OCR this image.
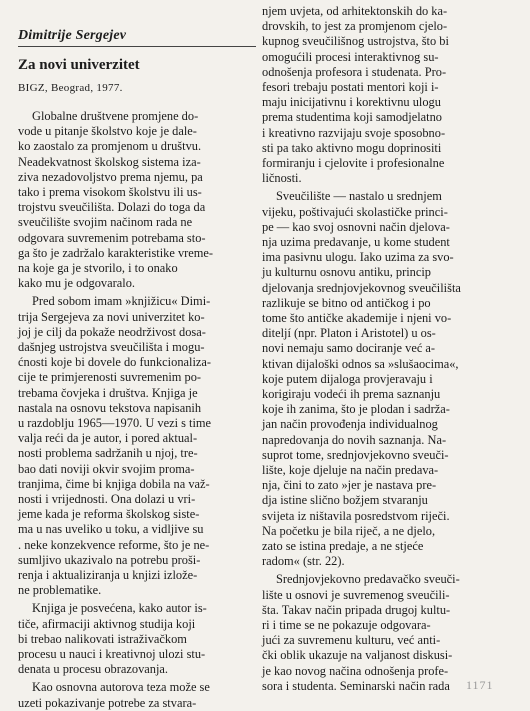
Dimitrije Sergejev
Za novi univerzitet
BIGZ, Beograd, 1977.
Globalne društvene promjene do-
vode u pitanje školstvo koje je dale-
ko zaostalo za promjenom u društvu.
Neadekvatnost školskog sistema iza-
ziva nezadovoljstvo prema njemu, pa
tako i prema visokom školstvu ili us-
trojstvu sveučilišta. Dolazi do toga da
sveučilište svojim načinom rada ne
odgovara suvremenim potrebama sto-
ga što je zadržalo karakteristike vreme-
na koje ga je stvorilo, i to onako
kako mu je odgovaralo.
Pred sobom imam »knjižicu« Dimi-
trija Sergejeva za novi univerzitet ko-
joj je cilj da pokaže neodrživost dosa-
dašnjeg ustrojstva sveučilišta i mogu-
ćnosti koje bi dovele do funkcionaliza-
cije te primjerenosti suvremenim po-
trebama čovjeka i društva. Knjiga je
nastala na osnovu tekstova napisanih
u razdoblju 1965—1970. U vezi s time
valja reći da je autor, i pored aktual-
nosti problema sadržanih u njoj, tre-
bao dati noviji okvir svojim proma-
tranjima, čime bi knjiga dobila na važ-
nosti i vrijednosti. Ona dolazi u vri-
jeme kada je reforma školskog siste-
ma u nas uveliko u toku, a vidljive su
. neke konzekvence reforme, što je ne-
sumljivo ukazivalo na potrebu proši-
renja i aktualiziranja u knjizi izlože-
ne problematike.
Knjiga je posvećena, kako autor is-
tiče, afirmaciji aktivnog studija koji
bi trebao nalikovati istraživačkom
procesu u nauci i kreativnoj ulozi stu-
denata u procesu obrazovanja.
Kao osnovna autorova teza može se
uzeti pokazivanje potrebe za stvara-
njem uvjeta, od arhitektonskih do ka-
drovskih, to jest za promjenom cjelo-
kupnog sveučilišnog ustrojstva, što bi
omogućili procesi interaktivnog su-
odnošenja profesora i studenata. Pro-
fesori trebaju postati mentori koji i-
maju inicijativnu i korektivnu ulogu
prema studentima koji samodjelatno
i kreativno razvijaju svoje sposobno-
sti pa tako aktivno mogu doprinositi
formiranju i cjelovite i profesionalne
ličnosti.
Sveučilište — nastalo u srednjem
vijeku, poštivajući skolastičke princi-
pe — kao svoj osnovni način djelova-
nja uzima predavanje, u kome student
ima pasivnu ulogu. Iako uzima za svo-
ju kulturnu osnovu antiku, princip
djelovanja srednjovjekovnog sveučilišta
razlikuje se bitno od antičkog i po
tome što antičke akademije i njeni vo-
diteljí (npr. Platon i Aristotel) u os-
novi nemaju samo dociranje već a-
ktivan dijaloški odnos sa »slušaocima«,
koje putem dijaloga provjeravaju i
korigiraju vodeći ih prema saznanju
koje ih zanima, što je plodan i sadrža-
jan način provođenja individualnog
napredovanja do novih saznanja. Na-
suprot tome, srednjovjekovno sveuči-
lište, koje djeluje na način predava-
nja, čini to zato »jer je nastava pre-
dja istine slično božjem stvaranju
svijeta iz ništavila posredstvom riječi.
Na početku je bila riječ, a ne djelo,
zato se istina predaje, a ne stjeće
radom« (str. 22).
Srednjovjekovno predavačko sveuči-
lište u osnovi je suvremenog sveučili-
šta. Takav način pripada drugoj kultu-
ri i time se ne pokazuje odgovara-
jući za suvremenu kulturu, već anti-
čki oblik ukazuje na valjanost diskusi-
je kao novog načina odnošenja profe-
sora i studenta. Seminarski način rada 1171
